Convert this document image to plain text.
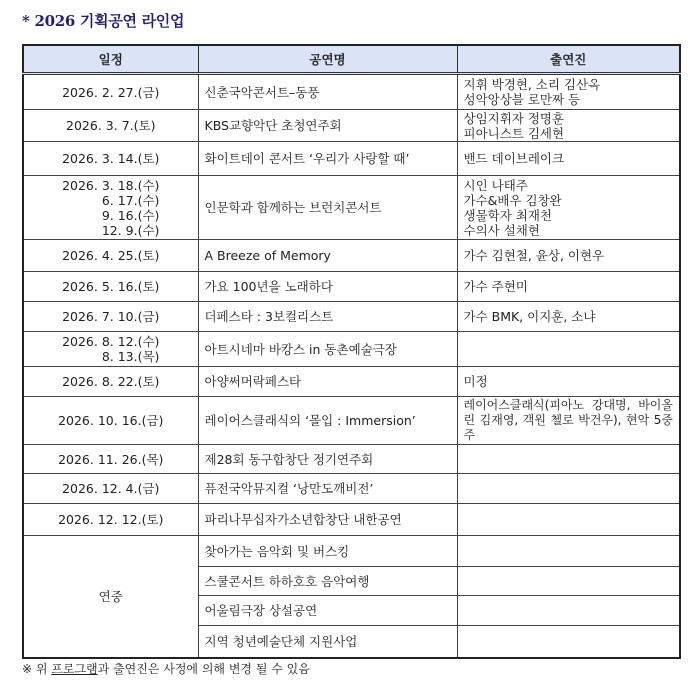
* 2026 기획공연 라인업
일정	공연명	출연진

2026. 2. 27.(금)	신춘국악콘서트–동풍	지휘 박경현, 소리 김산옥
성악앙상블 로만짜 등

2026. 3. 7.(토)	KBS교향악단 초청연주회	상임지휘자 정명훈
피아니스트 김세현

2026. 3. 14.(토)	화이트데이 콘서트 ‘우리가 사랑할 때’	밴드 데이브레이크

2026. 3. 18.(수)
6. 17.(수)
9. 16.(수)
12. 9.(수)	인문학과 함께하는 브런치콘서트	시인 나태주
가수&배우 김창완
생물학자 최재천
수의사 설채현

2026. 4. 25.(토)	A Breeze of Memory	가수 김현철, 윤상, 이현우

2026. 5. 16.(토)	가요 100년을 노래하다	가수 주현미

2026. 7. 10.(금)	더페스타 : 3보컬리스트	가수 BMK, 이지훈, 소냐

2026. 8. 12.(수)
8. 13.(목)	아트시네마 바캉스 in 동촌예술극장	

2026. 8. 22.(토)	아양써머락페스타	미정

2026. 10. 16.(금)	레이어스클래식의 ‘몰입 : Immersion’	레이어스클래식(피아노 강대명, 바이올린 김재영, 객원 첼로 박건우), 현악 5중주

2026. 11. 26.(목)	제28회 동구합창단 정기연주회	

2026. 12. 4.(금)	퓨전국악뮤지컬 ‘낭만도깨비전’	

2026. 12. 12.(토)	파리나무십자가소년합창단 내한공연	
연중	찾아가는 음악회 및 버스킹	
	스쿨콘서트 하하호호 음악여행	
	어울림극장 상설공연	
	지역 청년예술단체 지원사업	
※ 위 프로그램과 출연진은 사정에 의해 변경 될 수 있음
